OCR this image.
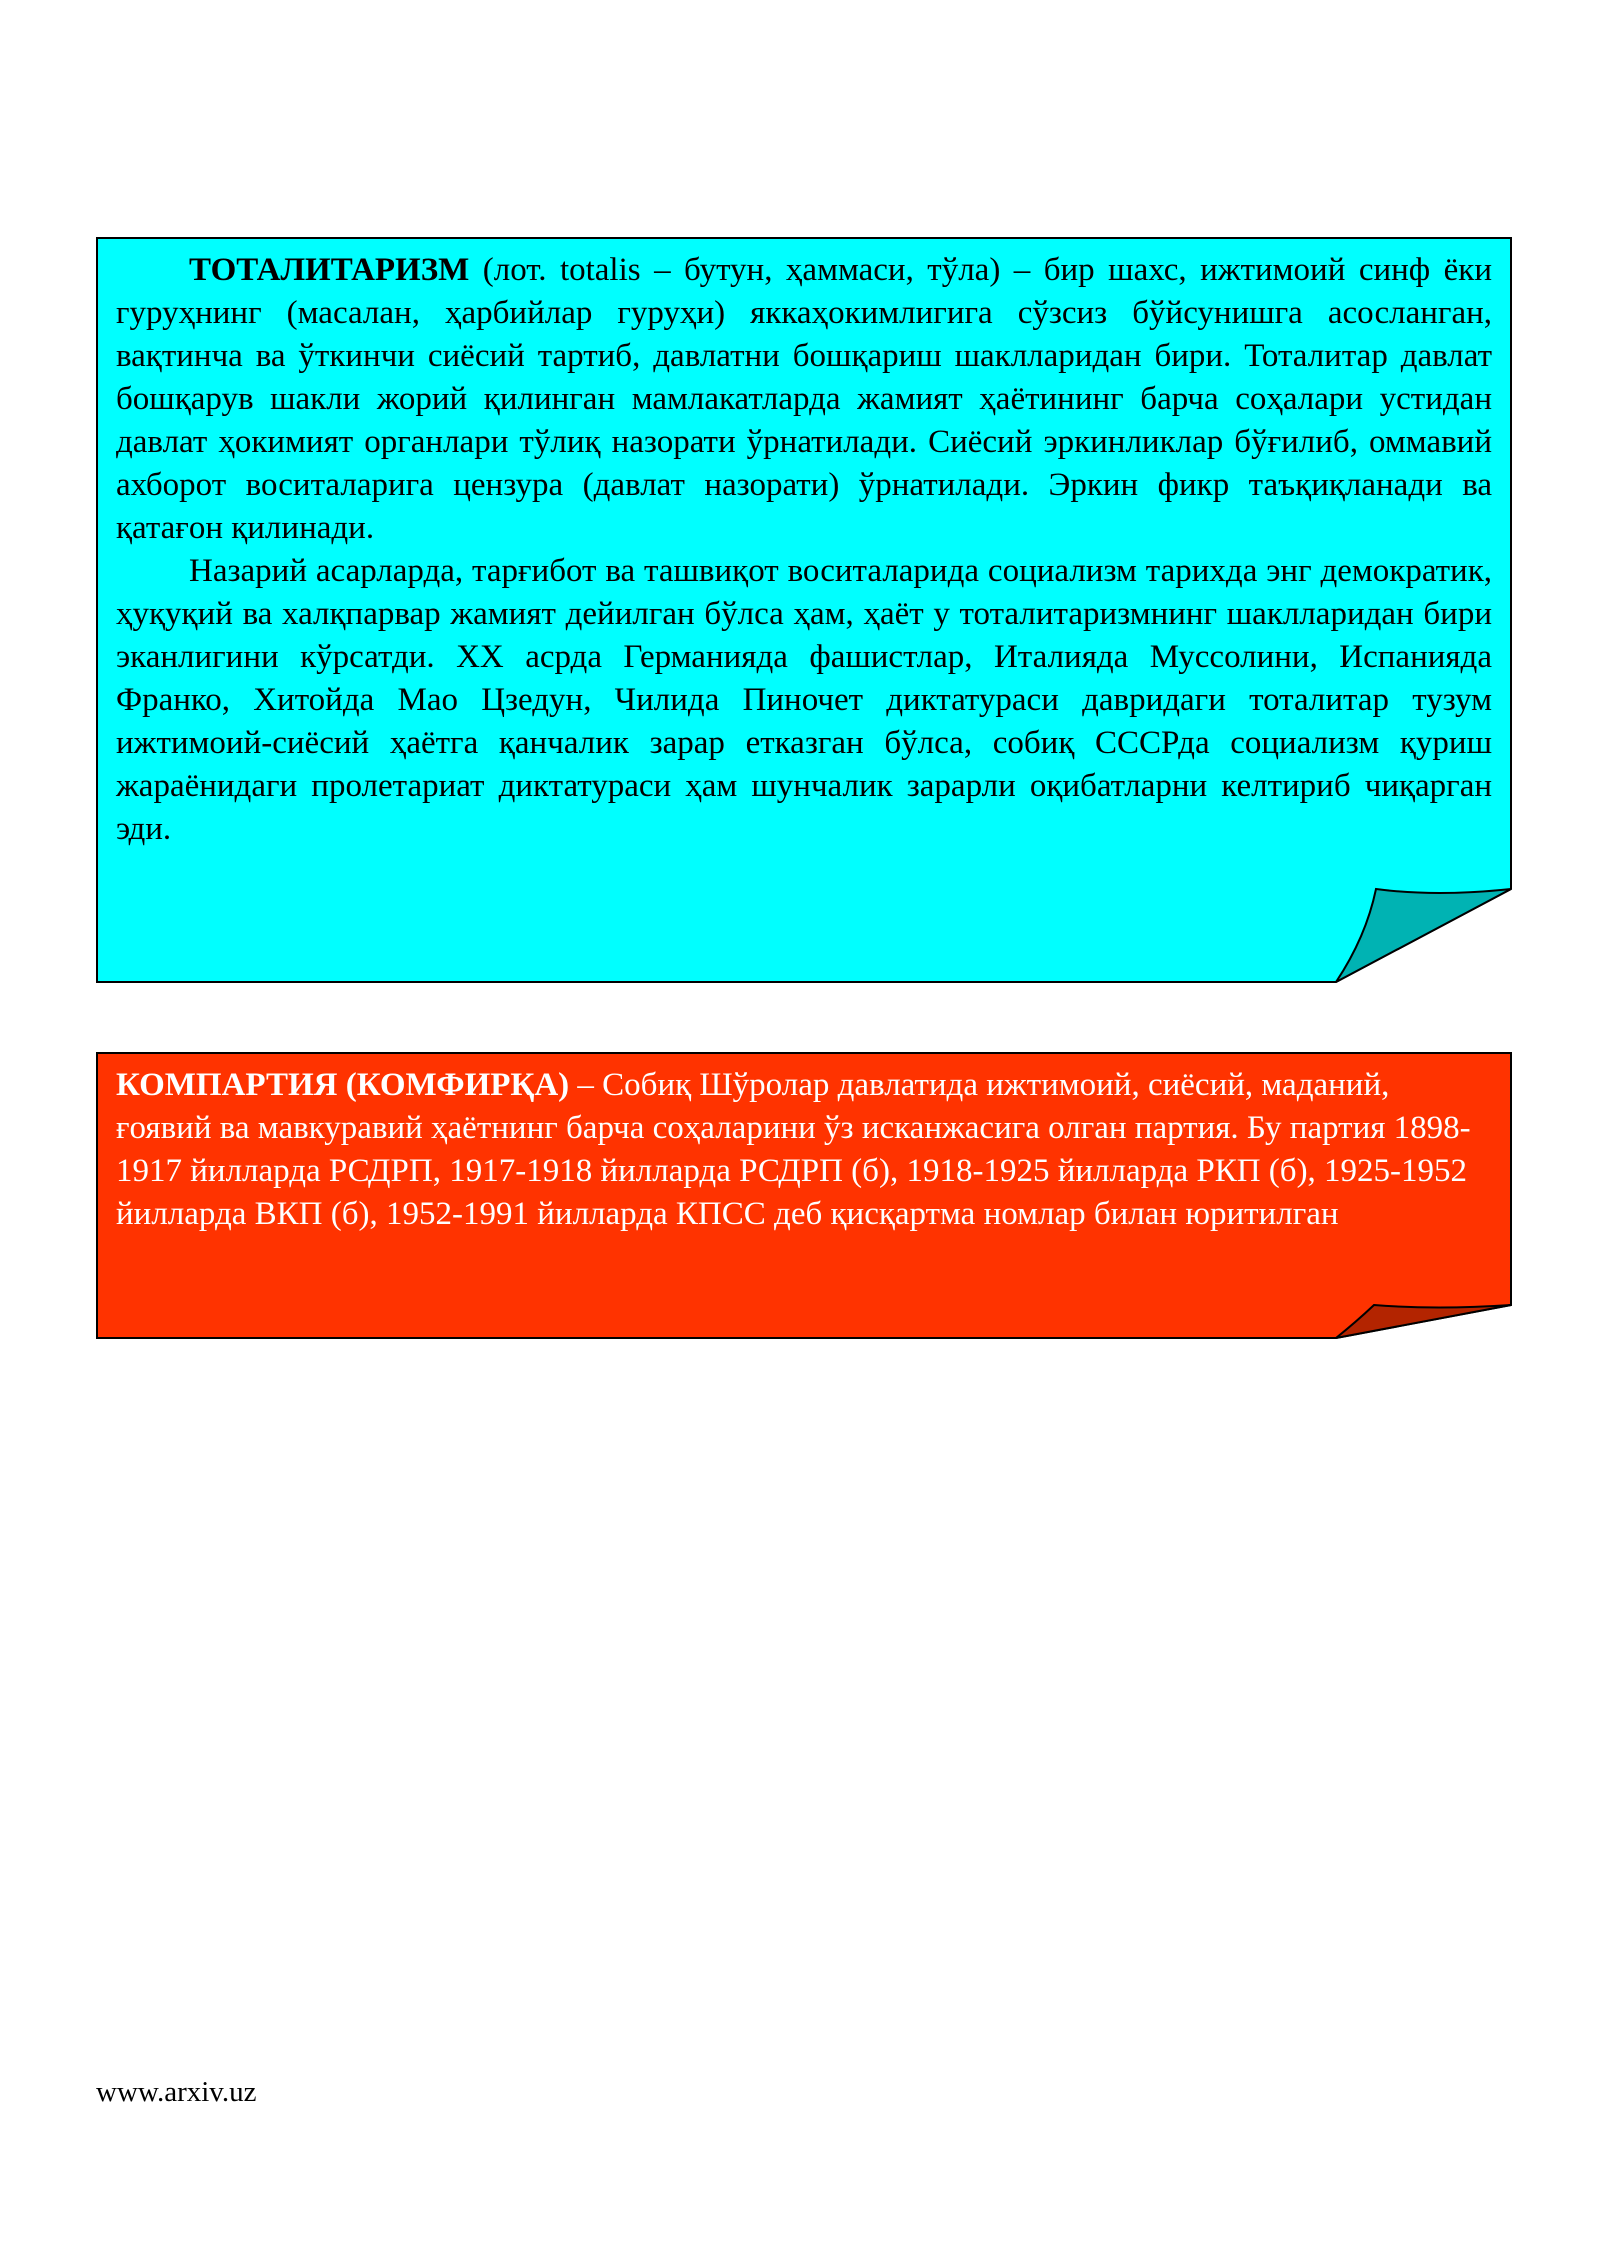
ТОТАЛИТАРИЗМ (лот. totalis – бутун, ҳаммаси, тўла) – бир шахс, ижтимоий синф ёки гуруҳнинг (масалан, ҳарбийлар гуруҳи) яккаҳокимлигига сўзсиз бўйсунишга асосланган, вақтинча ва ўткинчи сиёсий тартиб, давлатни бошқариш шаклларидан бири. Тоталитар давлат бошқарув шакли жорий қилинган мамлакатларда жамият ҳаётининг барча соҳалари устидан давлат ҳокимият органлари тўлиқ назорати ўрнатилади. Сиёсий эркинликлар бўғилиб, оммавий ахборот воситаларига цензура (давлат назорати) ўрнатилади. Эркин фикр таъқиқланади ва қатағон қилинади.

Назарий асарларда, тарғибот ва ташвиқот воситаларида социализм тарихда энг демократик, ҳуқуқий ва халқпарвар жамият дейилган бўлса ҳам, ҳаёт у тоталитаризмнинг шаклларидан бири эканлигини кўрсатди. ХХ асрда Германияда фашистлар, Италияда Муссолини, Испанияда Франко, Хитойда Мао Цзедун, Чилида Пиночет диктатураси давридаги тоталитар тузум ижтимоий-сиёсий ҳаётга қанчалик зарар етказган бўлса, собиқ СССРда социализм қуриш жараёнидаги пролетариат диктатураси ҳам шунчалик зарарли оқибатларни келтириб чиқарган эди.

КОМПАРТИЯ (КОМФИРҚА) – Собиқ Шўролар давлатида ижтимоий, сиёсий, маданий, ғоявий ва мавкуравий ҳаётнинг барча соҳаларини ўз исканжасига олган партия. Бу партия 1898-1917 йилларда РСДРП, 1917-1918 йилларда РСДРП (б), 1918-1925 йилларда РКП (б), 1925-1952 йилларда ВКП (б), 1952-1991 йилларда КПСС деб қисқартма номлар билан юритилган
www.arxiv.uz
